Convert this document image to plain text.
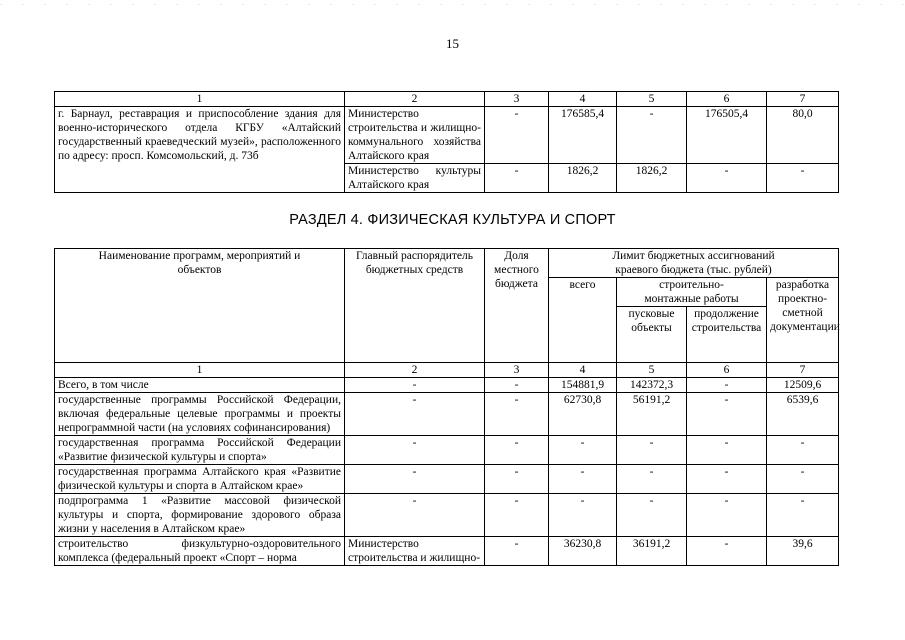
15
1	2	3	4	5	6	7
г. Барнаул, реставрация и приспособление здания для военно-исторического отдела КГБУ «Алтайский государственный краеведческий музей», расположенного по адресу: просп. Комсомольский, д. 73б	Министерство строительства и жилищно-коммунального хозяйства Алтайского края	-	176585,4	-	176505,4	80,0
	Министерство культуры Алтайского края	-	1826,2	1826,2	-	-
РАЗДЕЛ 4. ФИЗИЧЕСКАЯ КУЛЬТУРА И СПОРТ
Наименование программ, мероприятий и объектов	Главный распорядитель бюджетных средств	Доля местного бюджета	Лимит бюджетных ассигнований краевого бюджета (тыс. рублей)			
			всего	строительно-монтажные работы		разработка проектно-сметной документации
				пусковые объекты	продолжение строительства	
1	2	3	4	5	6	7
Всего, в том числе	-	-	154881,9	142372,3	-	12509,6
государственные программы Российской Федерации, включая федеральные целевые программы и проекты непрограммной части (на условиях софинансирования)	-	-	62730,8	56191,2	-	6539,6
государственная программа Российской Федерации «Развитие физической культуры и спорта»	-	-	-	-	-	-
государственная программа Алтайского края «Развитие физической культуры и спорта в Алтайском крае»	-	-	-	-	-	-
подпрограмма 1 «Развитие массовой физической культуры и спорта, формирование здорового образа жизни у населения в Алтайском крае»	-	-	-	-	-	-
строительство физкультурно-оздоровительного комплекса (федеральный проект «Спорт – норма	Министерство строительства и жилищно-	-	36230,8	36191,2	-	39,6
